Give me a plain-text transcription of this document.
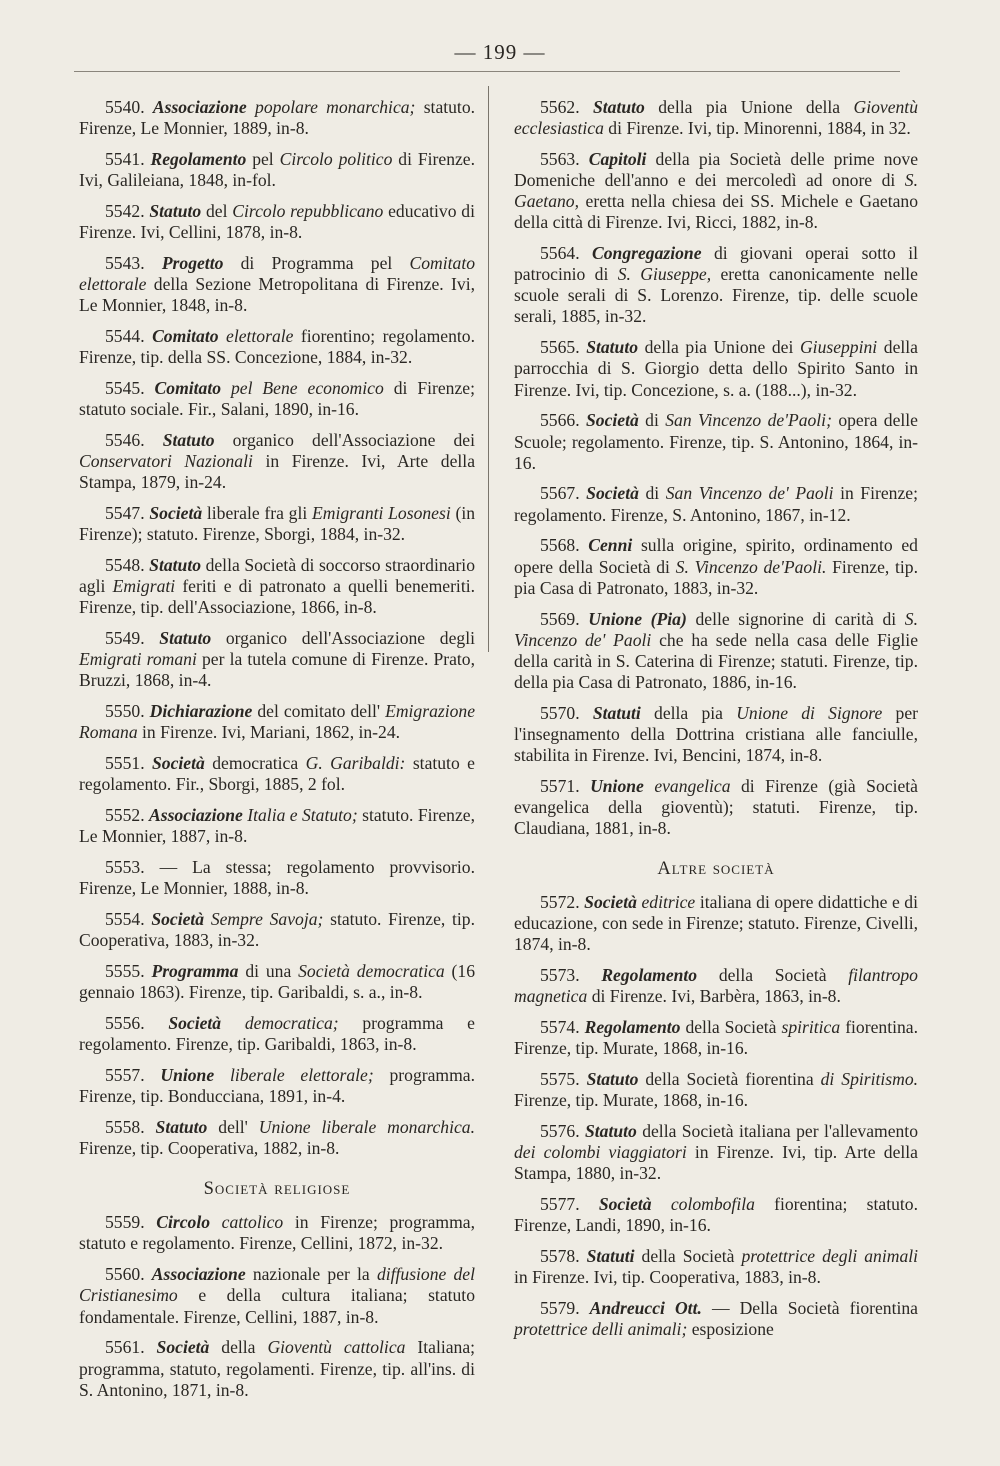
— 199 —

5540. Associazione popolare monarchica; statuto. Firenze, Le Monnier, 1889, in-8.

5541. Regolamento pel Circolo politico di Firenze. Ivi, Galileiana, 1848, in-fol.

5542. Statuto del Circolo repubblicano educativo di Firenze. Ivi, Cellini, 1878, in-8.

5543. Progetto di Programma pel Comitato elettorale della Sezione Metropolitana di Firenze. Ivi, Le Monnier, 1848, in-8.

5544. Comitato elettorale fiorentino; regolamento. Firenze, tip. della SS. Concezione, 1884, in-32.

5545. Comitato pel Bene economico di Firenze; statuto sociale. Fir., Salani, 1890, in-16.

5546. Statuto organico dell'Associazione dei Conservatori Nazionali in Firenze. Ivi, Arte della Stampa, 1879, in-24.

5547. Società liberale fra gli Emigranti Losonesi (in Firenze); statuto. Firenze, Sborgi, 1884, in-32.

5548. Statuto della Società di soccorso straordinario agli Emigrati feriti e di patronato a quelli benemeriti. Firenze, tip. dell'Associazione, 1866, in-8.

5549. Statuto organico dell'Associazione degli Emigrati romani per la tutela comune di Firenze. Prato, Bruzzi, 1868, in-4.

5550. Dichiarazione del comitato dell' Emigrazione Romana in Firenze. Ivi, Mariani, 1862, in-24.

5551. Società democratica G. Garibaldi: statuto e regolamento. Fir., Sborgi, 1885, 2 fol.

5552. Associazione Italia e Statuto; statuto. Firenze, Le Monnier, 1887, in-8.

5553. — La stessa; regolamento provvisorio. Firenze, Le Monnier, 1888, in-8.

5554. Società Sempre Savoja; statuto. Firenze, tip. Cooperativa, 1883, in-32.

5555. Programma di una Società democratica (16 gennaio 1863). Firenze, tip. Garibaldi, s. a., in-8.

5556. Società democratica; programma e regolamento. Firenze, tip. Garibaldi, 1863, in-8.

5557. Unione liberale elettorale; programma. Firenze, tip. Bonducciana, 1891, in-4.

5558. Statuto dell' Unione liberale monarchica. Firenze, tip. Cooperativa, 1882, in-8.

Società religiose

5559. Circolo cattolico in Firenze; programma, statuto e regolamento. Firenze, Cellini, 1872, in-32.

5560. Associazione nazionale per la diffusione del Cristianesimo e della cultura italiana; statuto fondamentale. Firenze, Cellini, 1887, in-8.

5561. Società della Gioventù cattolica Italiana; programma, statuto, regolamenti. Firenze, tip. all'ins. di S. Antonino, 1871, in-8.

5562. Statuto della pia Unione della Gioventù ecclesiastica di Firenze. Ivi, tip. Minorenni, 1884, in 32.

5563. Capitoli della pia Società delle prime nove Domeniche dell'anno e dei mercoledì ad onore di S. Gaetano, eretta nella chiesa dei SS. Michele e Gaetano della città di Firenze. Ivi, Ricci, 1882, in-8.

5564. Congregazione di giovani operai sotto il patrocinio di S. Giuseppe, eretta canonicamente nelle scuole serali di S. Lorenzo. Firenze, tip. delle scuole serali, 1885, in-32.

5565. Statuto della pia Unione dei Giuseppini della parrocchia di S. Giorgio detta dello Spirito Santo in Firenze. Ivi, tip. Concezione, s. a. (188...), in-32.

5566. Società di San Vincenzo de'Paoli; opera delle Scuole; regolamento. Firenze, tip. S. Antonino, 1864, in-16.

5567. Società di San Vincenzo de' Paoli in Firenze; regolamento. Firenze, S. Antonino, 1867, in-12.

5568. Cenni sulla origine, spirito, ordinamento ed opere della Società di S. Vincenzo de'Paoli. Firenze, tip. pia Casa di Patronato, 1883, in-32.

5569. Unione (Pia) delle signorine di carità di S. Vincenzo de' Paoli che ha sede nella casa delle Figlie della carità in S. Caterina di Firenze; statuti. Firenze, tip. della pia Casa di Patronato, 1886, in-16.

5570. Statuti della pia Unione di Signore per l'insegnamento della Dottrina cristiana alle fanciulle, stabilita in Firenze. Ivi, Bencini, 1874, in-8.

5571. Unione evangelica di Firenze (già Società evangelica della gioventù); statuti. Firenze, tip. Claudiana, 1881, in-8.

Altre società

5572. Società editrice italiana di opere didattiche e di educazione, con sede in Firenze; statuto. Firenze, Civelli, 1874, in-8.

5573. Regolamento della Società filantropo magnetica di Firenze. Ivi, Barbèra, 1863, in-8.

5574. Regolamento della Società spiritica fiorentina. Firenze, tip. Murate, 1868, in-16.

5575. Statuto della Società fiorentina di Spiritismo. Firenze, tip. Murate, 1868, in-16.

5576. Statuto della Società italiana per l'allevamento dei colombi viaggiatori in Firenze. Ivi, tip. Arte della Stampa, 1880, in-32.

5577. Società colombofila fiorentina; statuto. Firenze, Landi, 1890, in-16.

5578. Statuti della Società protettrice degli animali in Firenze. Ivi, tip. Cooperativa, 1883, in-8.

5579. Andreucci Ott. — Della Società fiorentina protettrice delli animali; esposizione
